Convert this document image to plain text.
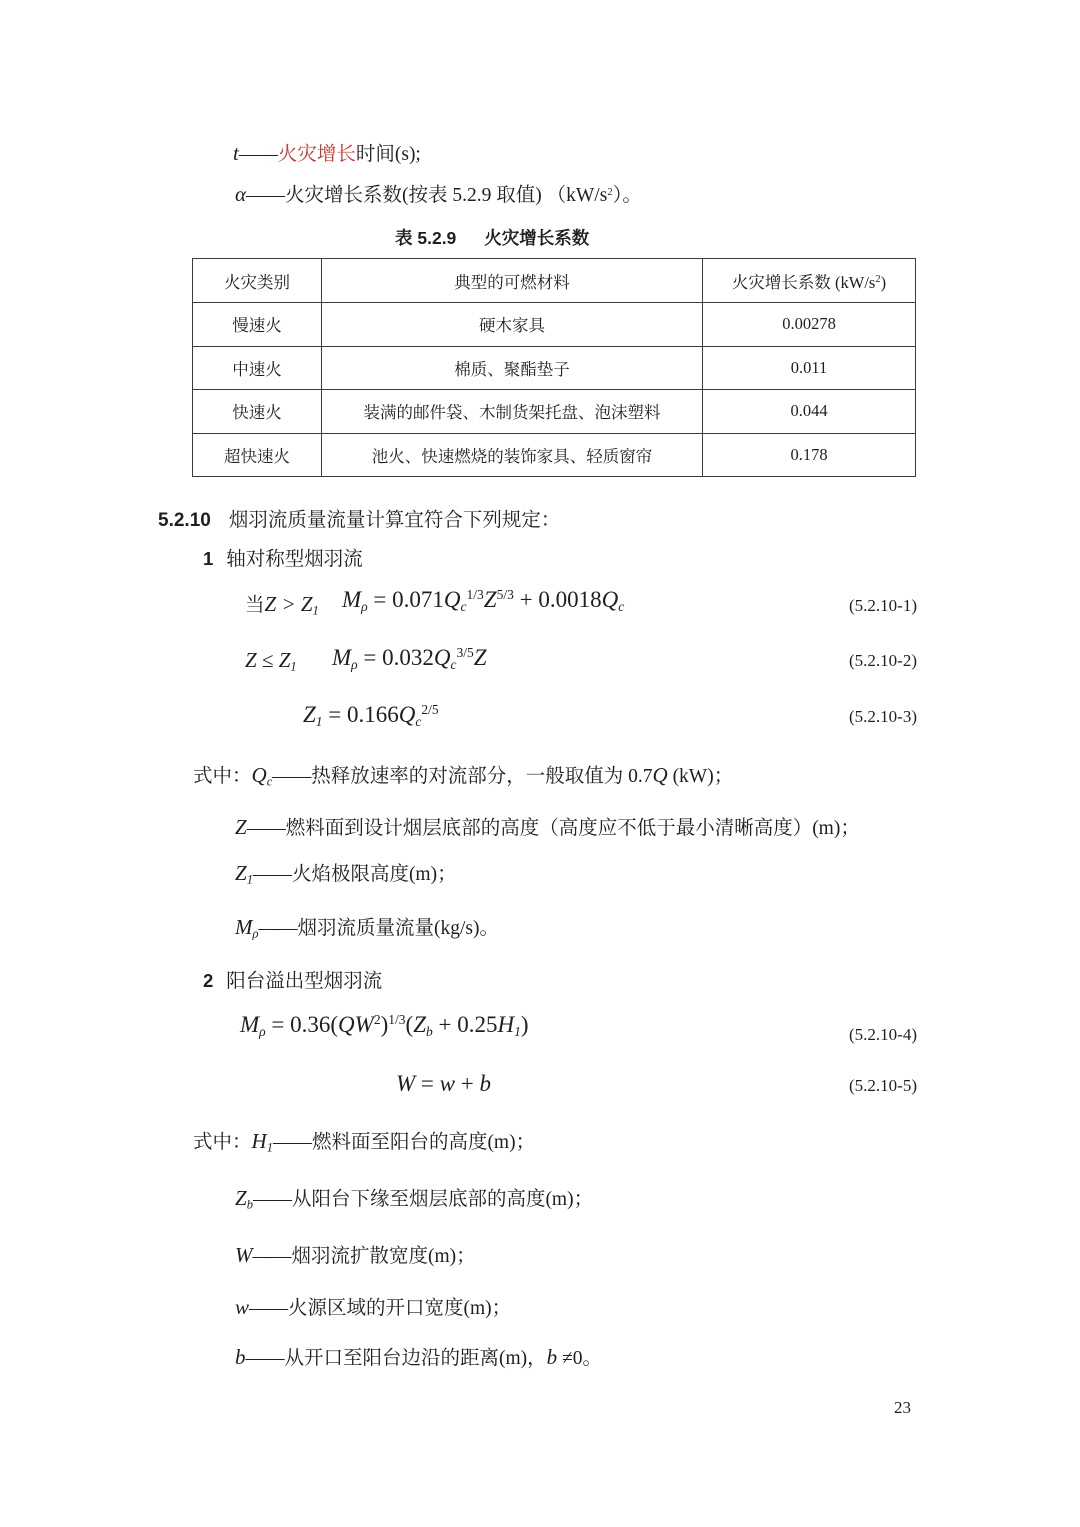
t——火灾增长时间(s);
α——火灾增长系数(按表 5.2.9 取值) $(kW/s^2)$。
表 5.2.9 火灾增长系数
火灾类别	典型的可燃材料	火灾增长系数 $(kW/s^2)$
慢速火	硬木家具	0.00278
中速火	棉质、聚酯垫子	0.011
快速火	装满的邮件袋、木制货架托盘、泡沫塑料	0.044
超快速火	池火、快速燃烧的装饰家具、轻质窗帘	0.178
5.2.10 烟羽流质量流量计算宜符合下列规定：
1 轴对称型烟羽流
当$Z > Z_1$ $M_\rho = 0.071Q_c^{1/3}Z^{5/3} + 0.0018Q_c$	(5.2.10-1)
$Z \le Z_1$ $M_\rho = 0.032Q_c^{3/5}Z$	(5.2.10-2)
$Z_1 = 0.166Q_c^{2/5}$	(5.2.10-3)
式中：$Q_c——$热释放速率的对流部分，一般取值为 0.7Q (kW)；
Z——燃料面到设计烟层底部的高度（高度应不低于最小清晰高度）(m)；
$Z_1——$火焰极限高度(m)；
$M_\rho——$烟羽流质量流量(kg/s)。
2 阳台溢出型烟羽流
$M_\rho = 0.36(QW^2)^{1/3}(Z_b + 0.25H_1)$	(5.2.10-4)
W = w + b	(5.2.10-5)
式中：$H_1——$燃料面至阳台的高度(m)；
$Z_b——$从阳台下缘至烟层底部的高度(m)；
W——烟羽流扩散宽度(m)；
w——火源区域的开口宽度(m)；
b——从开口至阳台边沿的距离(m)，b ≠0。
23
